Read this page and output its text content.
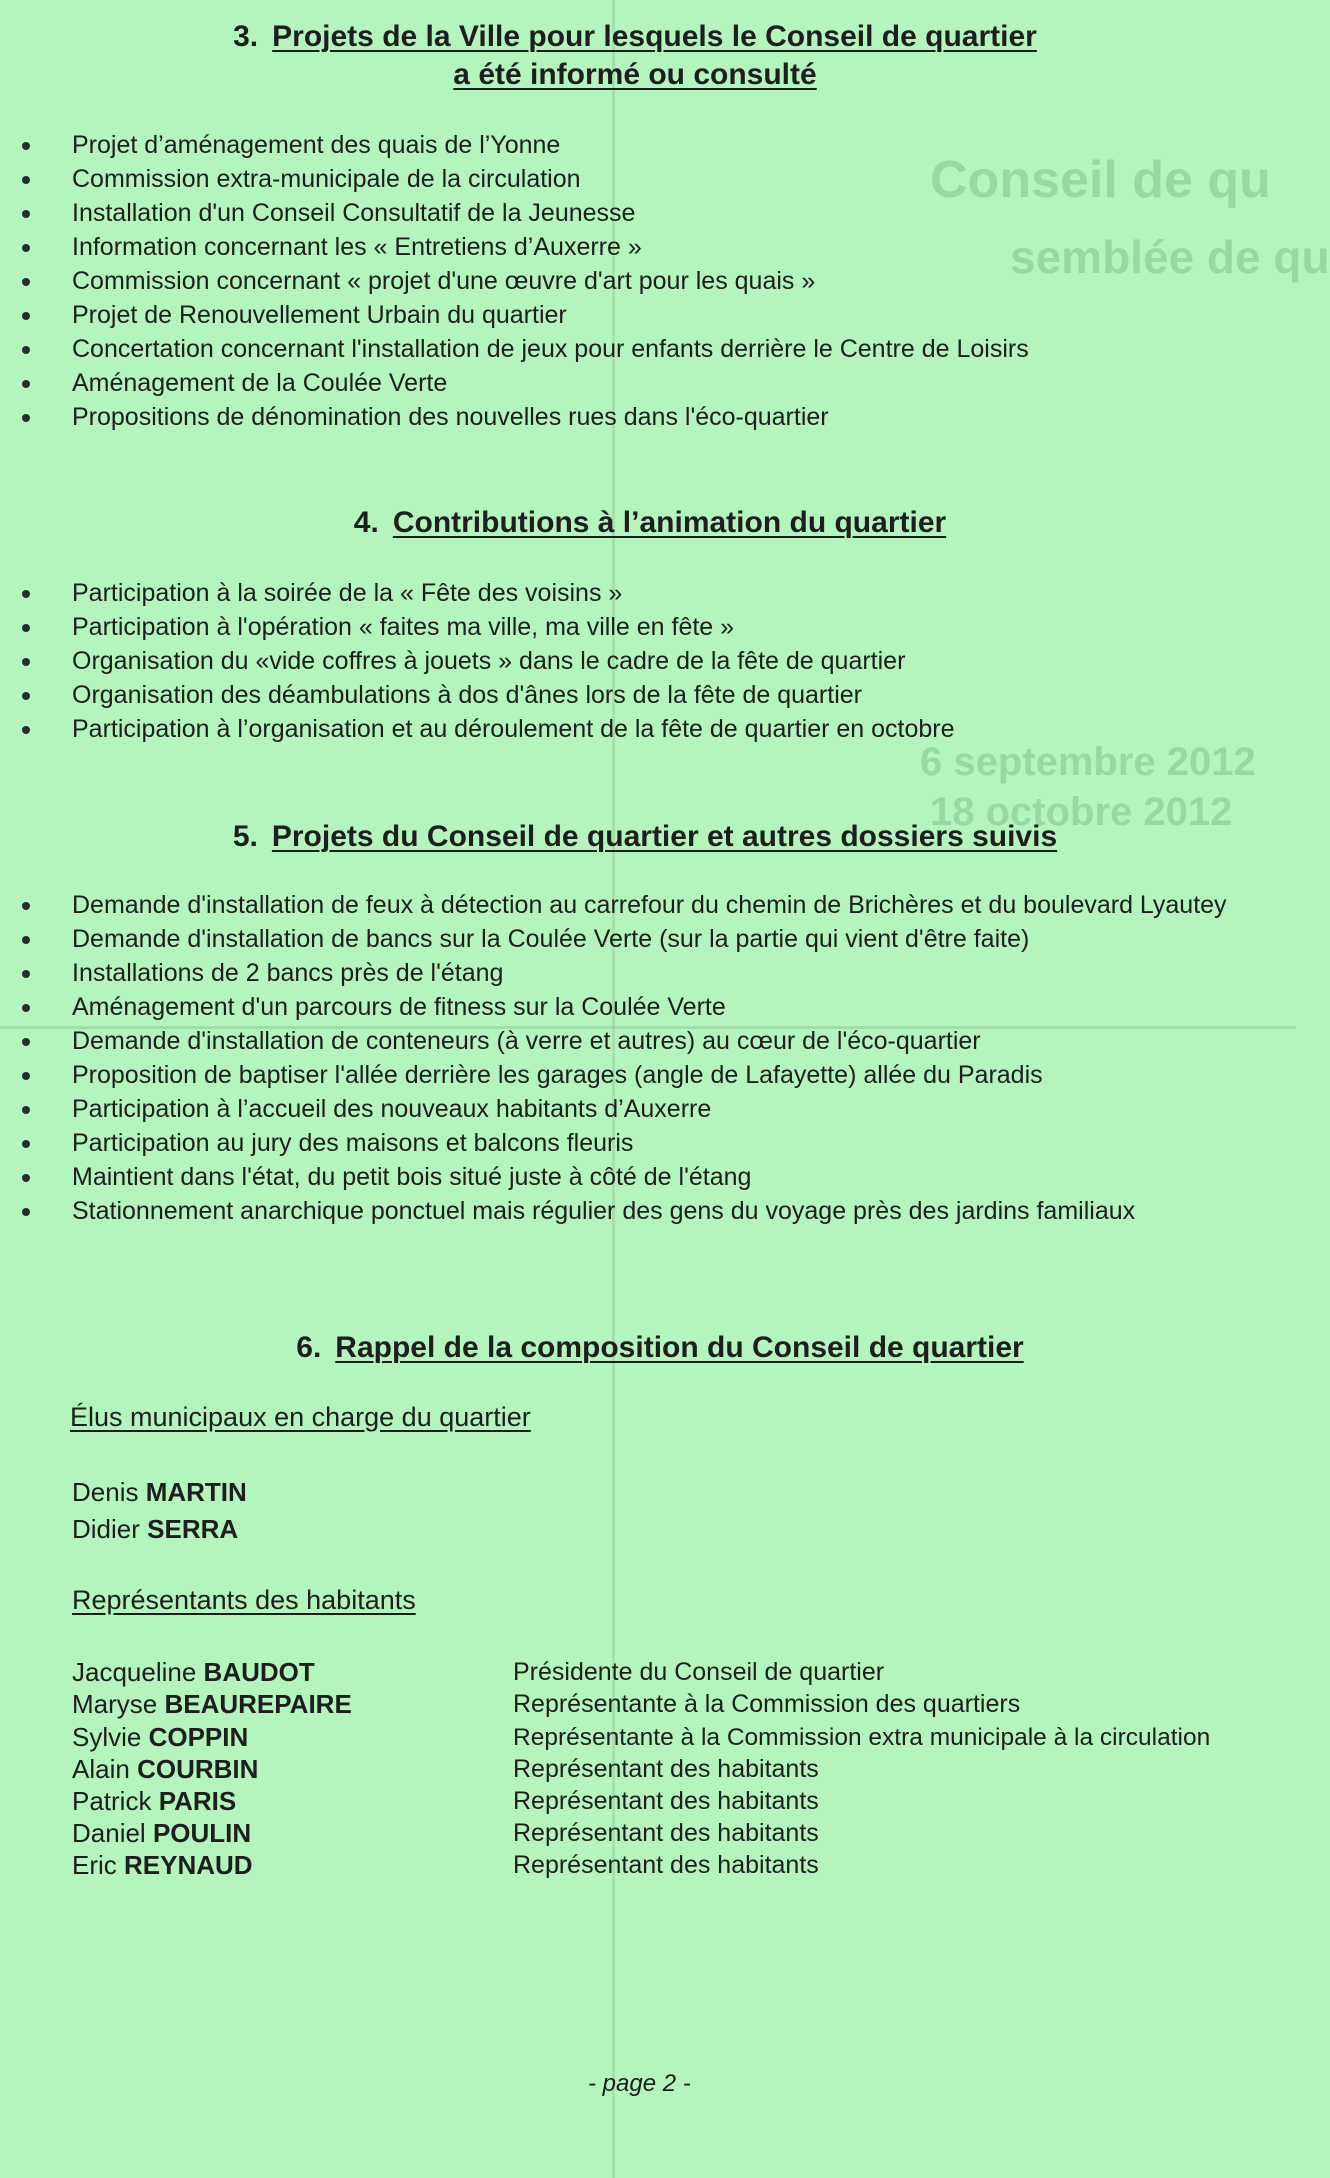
Conseil de qu
semblée de qu
6 septembre 2012
18 octobre 2012
3. Projets de la Ville pour lesquels le Conseil de quartier
a été informé ou consulté
Projet d’aménagement des quais de l’Yonne
Commission extra-municipale de la circulation
Installation d'un Conseil Consultatif de la Jeunesse
Information concernant les « Entretiens d’Auxerre »
Commission concernant « projet d'une œuvre d'art pour les quais »
Projet de Renouvellement Urbain du quartier
Concertation concernant l'installation de jeux pour enfants derrière le Centre de Loisirs
Aménagement de la Coulée Verte
Propositions de dénomination des nouvelles rues dans l'éco-quartier
4. Contributions à l’animation du quartier
Participation à la soirée de la « Fête des voisins »
Participation à l'opération « faites ma ville, ma ville en fête »
Organisation du «vide coffres à jouets » dans le cadre de la fête de quartier
Organisation des déambulations à dos d'ânes lors de la fête de quartier
Participation à l’organisation et au déroulement de la fête de quartier en octobre
5. Projets du Conseil de quartier et autres dossiers suivis
Demande d'installation de feux à détection au carrefour du chemin de Brichères et du boulevard Lyautey
Demande d'installation de bancs sur la Coulée Verte (sur la partie qui vient d'être faite)
Installations de 2 bancs près de l'étang
Aménagement d'un parcours de fitness sur la Coulée Verte
Demande d'installation de conteneurs (à verre et autres) au cœur de l'éco-quartier
Proposition de baptiser l'allée derrière les garages (angle de Lafayette) allée du Paradis
Participation à l’accueil des nouveaux habitants d’Auxerre
Participation au jury des maisons et balcons fleuris
Maintient dans l'état, du petit bois situé juste à côté de l'étang
Stationnement anarchique ponctuel mais régulier des gens du voyage près des jardins familiaux
6. Rappel de la composition du Conseil de quartier
Élus municipaux en charge du quartier
Denis MARTIN
Didier SERRA
Représentants des habitants
Jacqueline BAUDOT	Présidente du Conseil de quartier
Maryse BEAUREPAIRE	Représentante à la Commission des quartiers
Sylvie COPPIN	Représentante à la Commission extra municipale à la circulation
Alain COURBIN	Représentant des habitants
Patrick PARIS	Représentant des habitants
Daniel POULIN	Représentant des habitants
Eric REYNAUD	Représentant des habitants
- page 2 -
